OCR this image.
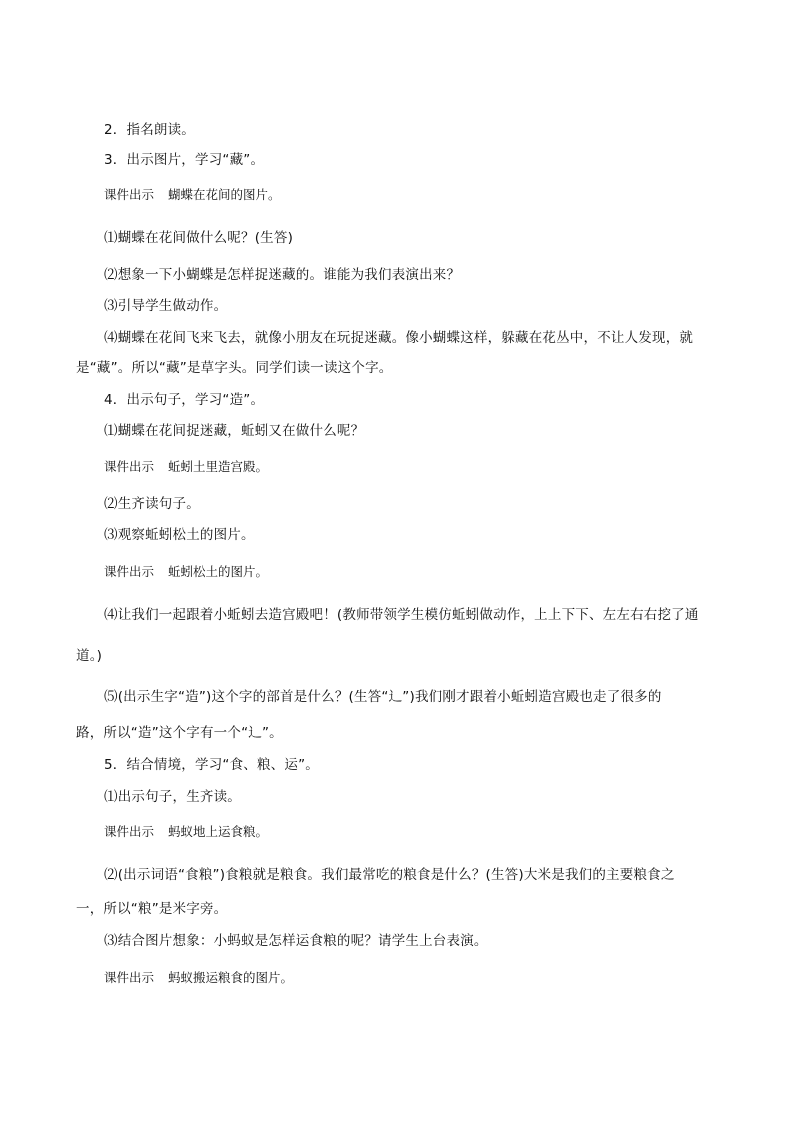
2．指名朗读。
3．出示图片，学习“藏”。
课件出示 蝴蝶在花间的图片。
⑴蝴蝶在花间做什么呢？(生答)
⑵想象一下小蝴蝶是怎样捉迷藏的。谁能为我们表演出来？
⑶引导学生做动作。
⑷蝴蝶在花间飞来飞去，就像小朋友在玩捉迷藏。像小蝴蝶这样，躲藏在花丛中，不让人发现，就
是“藏”。所以“藏”是草字头。同学们读一读这个字。
4．出示句子，学习“造”。
⑴蝴蝶在花间捉迷藏，蚯蚓又在做什么呢？
课件出示 蚯蚓土里造宫殿。
⑵生齐读句子。
⑶观察蚯蚓松土的图片。
课件出示 蚯蚓松土的图片。
⑷让我们一起跟着小蚯蚓去造宫殿吧！(教师带领学生模仿蚯蚓做动作，上上下下、左左右右挖了通
道。)
⑸(出示生字“造”)这个字的部首是什么？(生答“辶”)我们刚才跟着小蚯蚓造宫殿也走了很多的
路，所以“造”这个字有一个“辶”。
5．结合情境，学习“食、粮、运”。
⑴出示句子，生齐读。
课件出示 蚂蚁地上运食粮。
⑵(出示词语“食粮”)食粮就是粮食。我们最常吃的粮食是什么？(生答)大米是我们的主要粮食之
一，所以“粮”是米字旁。
⑶结合图片想象：小蚂蚁是怎样运食粮的呢？请学生上台表演。
课件出示 蚂蚁搬运粮食的图片。
